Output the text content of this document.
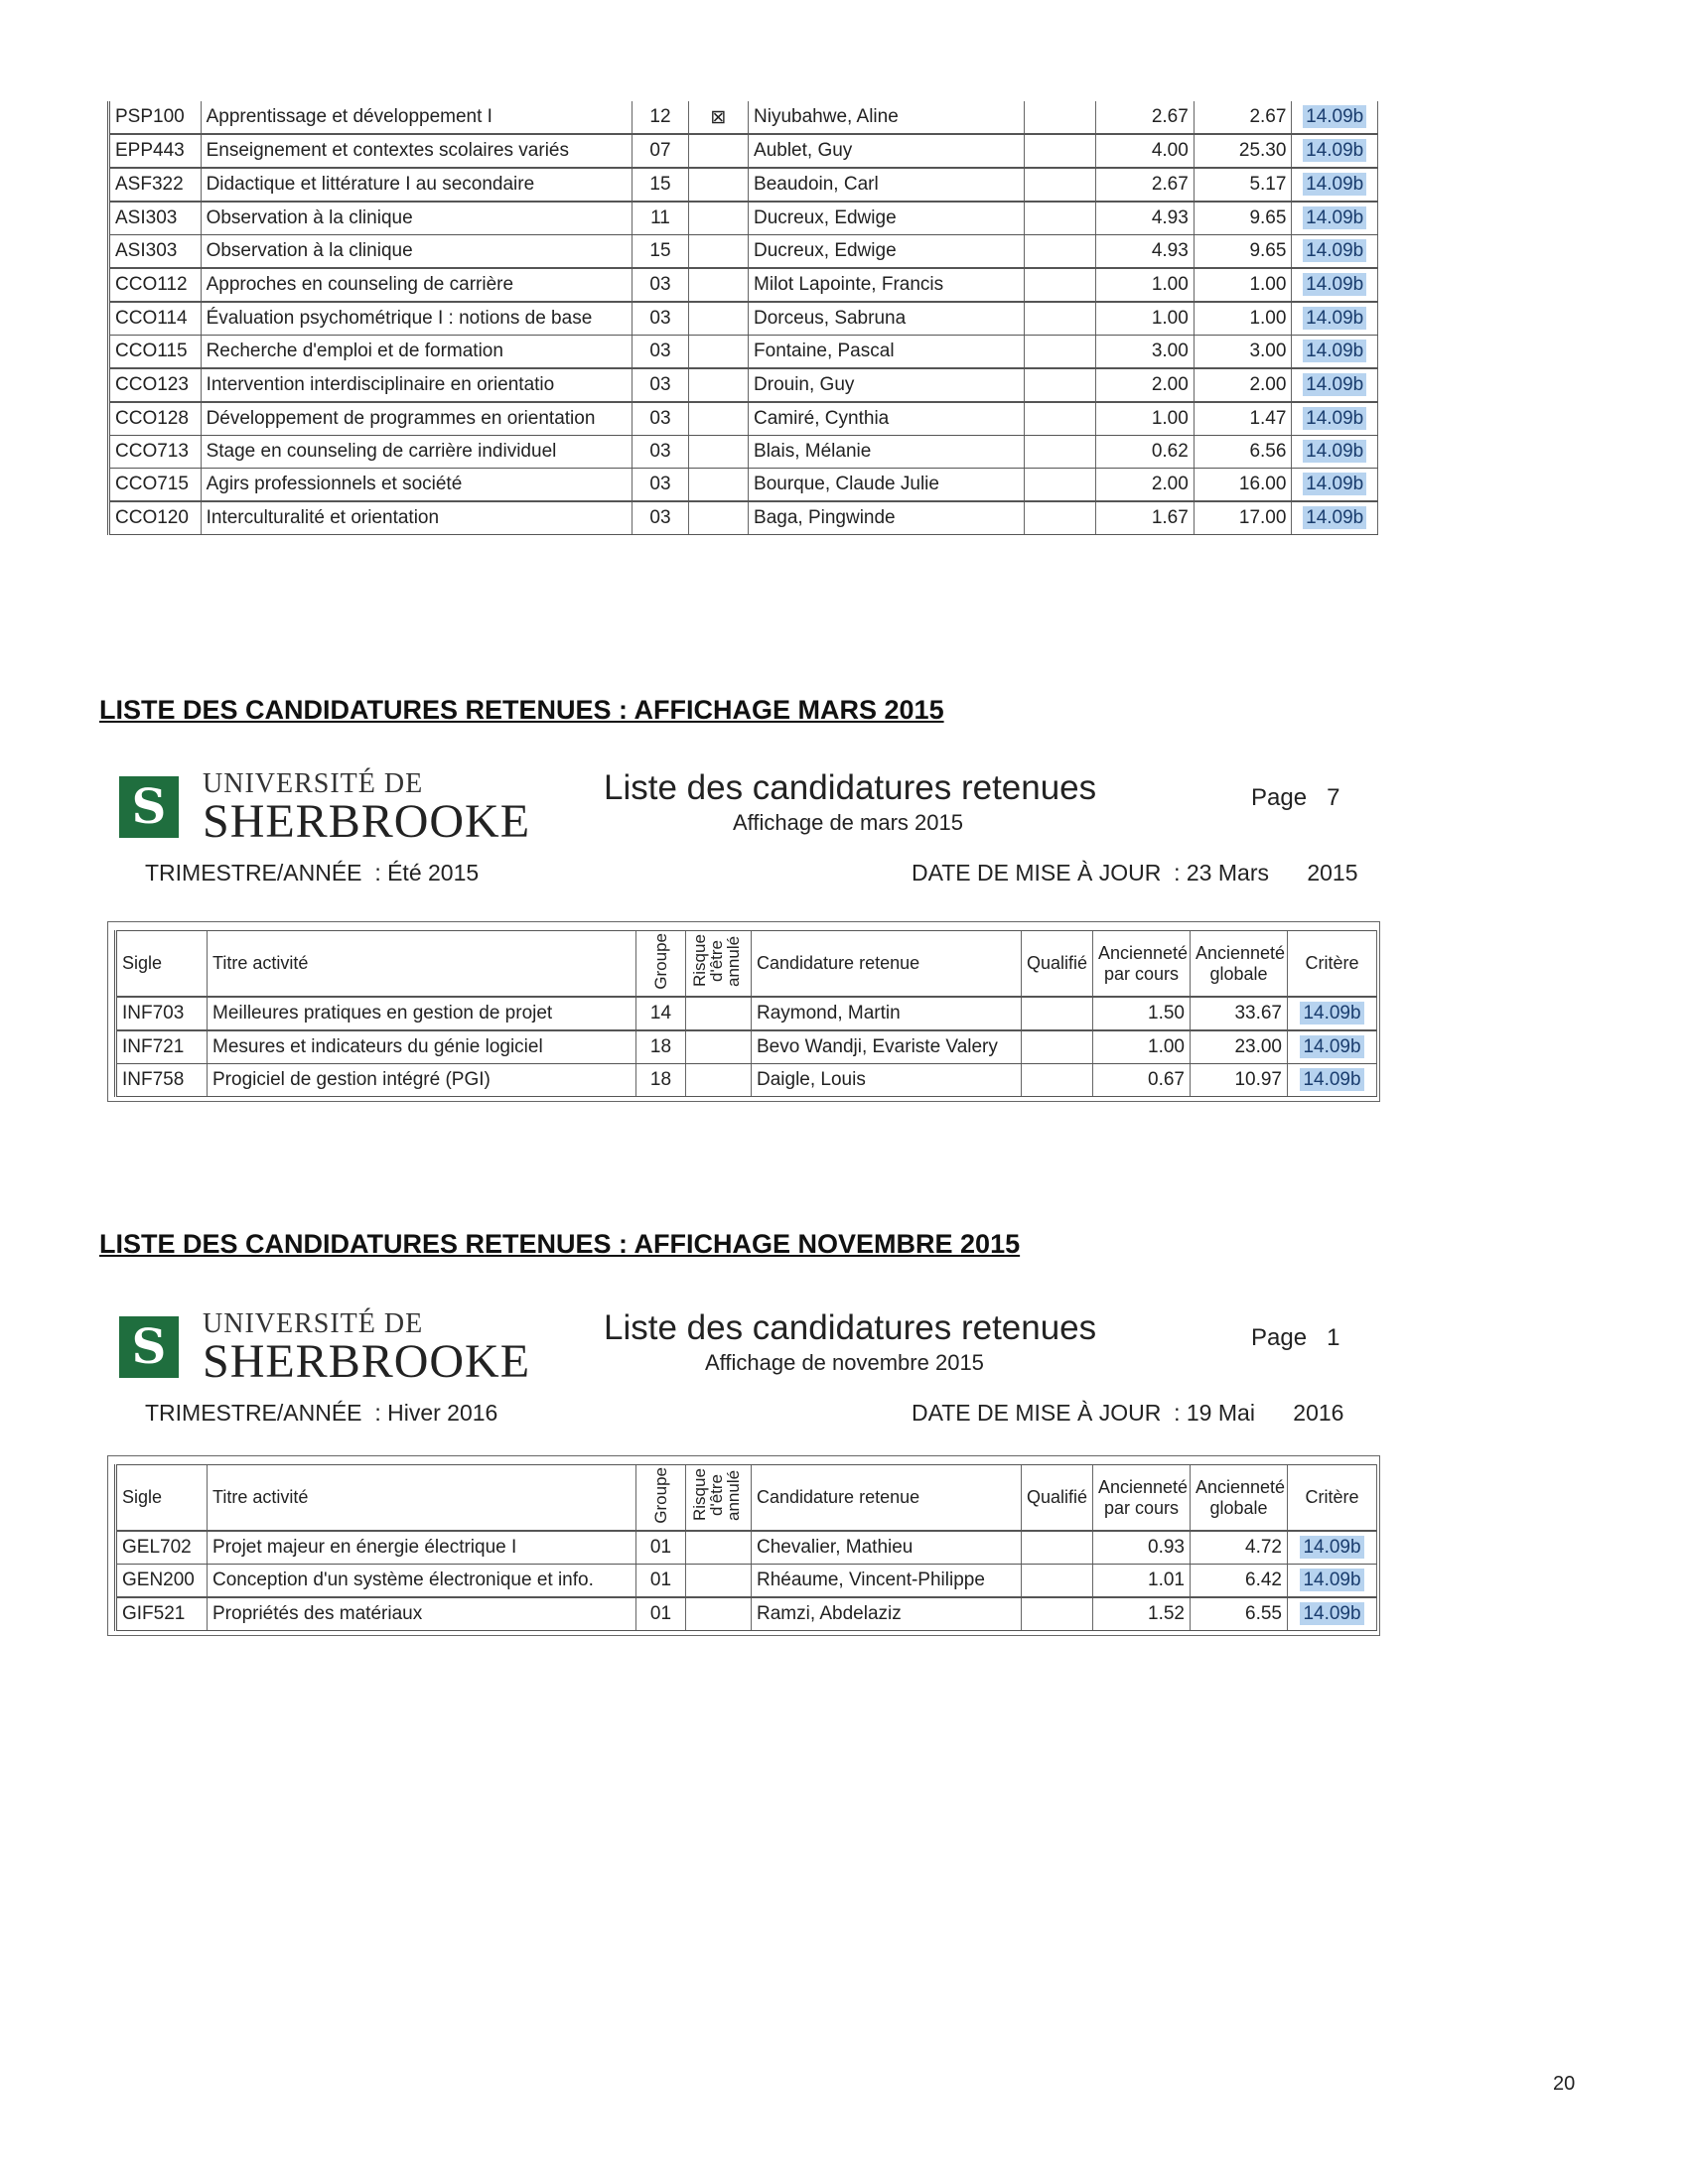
PSP100	Apprentissage et développement I	12	⊠	Niyubahwe, Aline		2.67	2.67	14.09b
EPP443	Enseignement et contextes scolaires variés	07		Aublet, Guy		4.00	25.30	14.09b
ASF322	Didactique et littérature I au secondaire	15		Beaudoin, Carl		2.67	5.17	14.09b
ASI303	Observation à la clinique	11		Ducreux, Edwige		4.93	9.65	14.09b
ASI303	Observation à la clinique	15		Ducreux, Edwige		4.93	9.65	14.09b
CCO112	Approches en counseling de carrière	03		Milot Lapointe, Francis		1.00	1.00	14.09b
CCO114	Évaluation psychométrique I : notions de base	03		Dorceus, Sabruna		1.00	1.00	14.09b
CCO115	Recherche d'emploi et de formation	03		Fontaine, Pascal		3.00	3.00	14.09b
CCO123	Intervention interdisciplinaire en orientatio	03		Drouin, Guy		2.00	2.00	14.09b
CCO128	Développement de programmes en orientation	03		Camiré, Cynthia		1.00	1.47	14.09b
CCO713	Stage en counseling de carrière individuel	03		Blais, Mélanie		0.62	6.56	14.09b
CCO715	Agirs professionnels et société	03		Bourque, Claude Julie		2.00	16.00	14.09b
CCO120	Interculturalité et orientation	03		Baga, Pingwinde		1.67	17.00	14.09b
LISTE DES CANDIDATURES RETENUES : AFFICHAGE MARS 2015
S	UNIVERSITÉ DE
SHERBROOKE
Liste des candidatures retenues
Affichage de mars 2015
Page 7
TRIMESTRE/ANNÉE : Été 2015	DATE DE MISE À JOUR : 23 Mars 2015
Sigle	Titre activité	Groupe	Risque d'être annulé	Candidature retenue	Qualifié	Ancienneté par cours	Ancienneté globale	Critère
INF703	Meilleures pratiques en gestion de projet	14		Raymond, Martin		1.50	33.67	14.09b
INF721	Mesures et indicateurs du génie logiciel	18		Bevo Wandji, Evariste Valery		1.00	23.00	14.09b
INF758	Progiciel de gestion intégré (PGI)	18		Daigle, Louis		0.67	10.97	14.09b
LISTE DES CANDIDATURES RETENUES : AFFICHAGE NOVEMBRE 2015
S	UNIVERSITÉ DE
SHERBROOKE
Liste des candidatures retenues
Affichage de novembre 2015
Page 1
TRIMESTRE/ANNÉE : Hiver 2016	DATE DE MISE À JOUR : 19 Mai 2016
Sigle	Titre activité	Groupe	Risque d'être annulé	Candidature retenue	Qualifié	Ancienneté par cours	Ancienneté globale	Critère
GEL702	Projet majeur en énergie électrique I	01		Chevalier, Mathieu		0.93	4.72	14.09b
GEN200	Conception d'un système électronique et info.	01		Rhéaume, Vincent-Philippe		1.01	6.42	14.09b
GIF521	Propriétés des matériaux	01		Ramzi, Abdelaziz		1.52	6.55	14.09b
20
